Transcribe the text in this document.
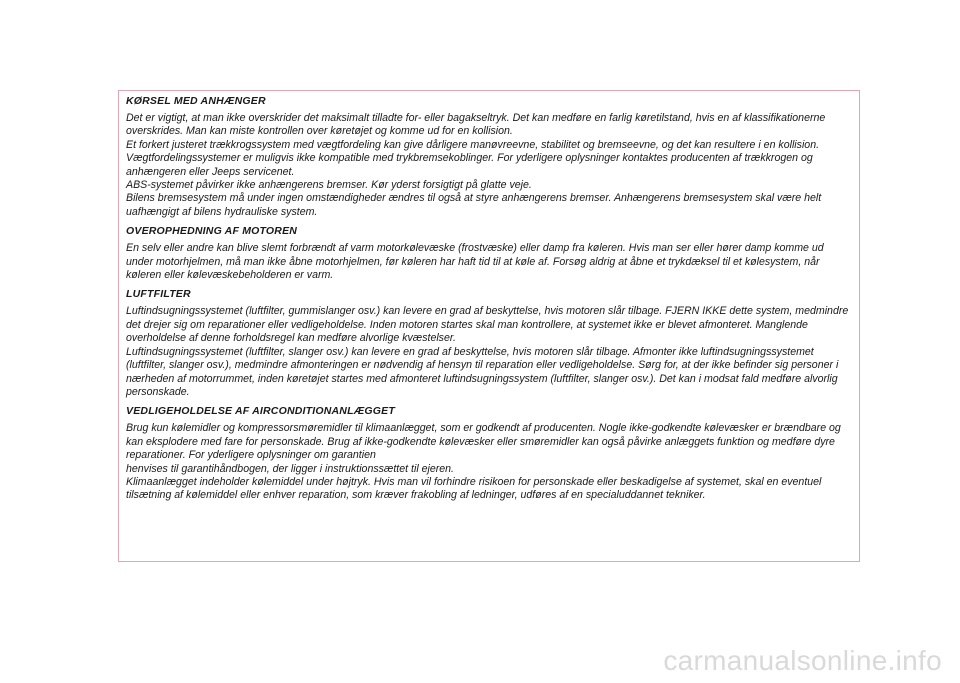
KØRSEL MED ANHÆNGER

Det er vigtigt, at man ikke overskrider det maksimalt tilladte for- eller bagakseltryk. Det kan medføre en farlig køretilstand, hvis en af klassifikationerne overskrides. Man kan miste kontrollen over køretøjet og komme ud for en kollision.

Et forkert justeret trækkrogssystem med vægtfordeling kan give dårligere manøvreevne, stabilitet og bremseevne, og det kan resultere i en kollision.

Vægtfordelingssystemer er muligvis ikke kompatible med trykbremsekoblinger. For yderligere oplysninger kontaktes producenten af trækkrogen og anhængeren eller Jeeps servicenet.

ABS-systemet påvirker ikke anhængerens bremser. Kør yderst forsigtigt på glatte veje.

Bilens bremsesystem må under ingen omstændigheder ændres til også at styre anhængerens bremser. Anhængerens bremsesystem skal være helt uafhængigt af bilens hydrauliske system.

OVEROPHEDNING AF MOTOREN

En selv eller andre kan blive slemt forbrændt af varm motorkølevæske (frostvæske) eller damp fra køleren. Hvis man ser eller hører damp komme ud under motorhjelmen, må man ikke åbne motorhjelmen, før køleren har haft tid til at køle af. Forsøg aldrig at åbne et trykdæksel til et kølesystem, når køleren eller kølevæskebeholderen er varm.

LUFTFILTER

Luftindsugningssystemet (luftfilter, gummislanger osv.) kan levere en grad af beskyttelse, hvis motoren slår tilbage. FJERN IKKE dette system, medmindre det drejer sig om reparationer eller vedligeholdelse. Inden motoren startes skal man kontrollere, at systemet ikke er blevet afmonteret. Manglende overholdelse af denne forholdsregel kan medføre alvorlige kvæstelser.

Luftindsugningssystemet (luftfilter, slanger osv.) kan levere en grad af beskyttelse, hvis motoren slår tilbage. Afmonter ikke luftindsugningssystemet (luftfilter, slanger osv.), medmindre afmonteringen er nødvendig af hensyn til reparation eller vedligeholdelse. Sørg for, at der ikke befinder sig personer i nærheden af motorrummet, inden køretøjet startes med afmonteret luftindsugningssystem (luftfilter, slanger osv.). Det kan i modsat fald medføre alvorlig personskade.

VEDLIGEHOLDELSE AF AIRCONDITIONANLÆGGET

Brug kun kølemidler og kompressorsmøremidler til klimaanlægget, som er godkendt af producenten. Nogle ikke-godkendte kølevæsker er brændbare og kan eksplodere med fare for personskade. Brug af ikke-godkendte kølevæsker eller smøremidler kan også påvirke anlæggets funktion og medføre dyre reparationer. For yderligere oplysninger om garantien

henvises til garantihåndbogen, der ligger i instruktionssættet til ejeren.

Klimaanlægget indeholder kølemiddel under højtryk. Hvis man vil forhindre risikoen for personskade eller beskadigelse af systemet, skal en eventuel tilsætning af kølemiddel eller enhver reparation, som kræver frakobling af ledninger, udføres af en specialuddannet tekniker.

carmanualsonline.info
